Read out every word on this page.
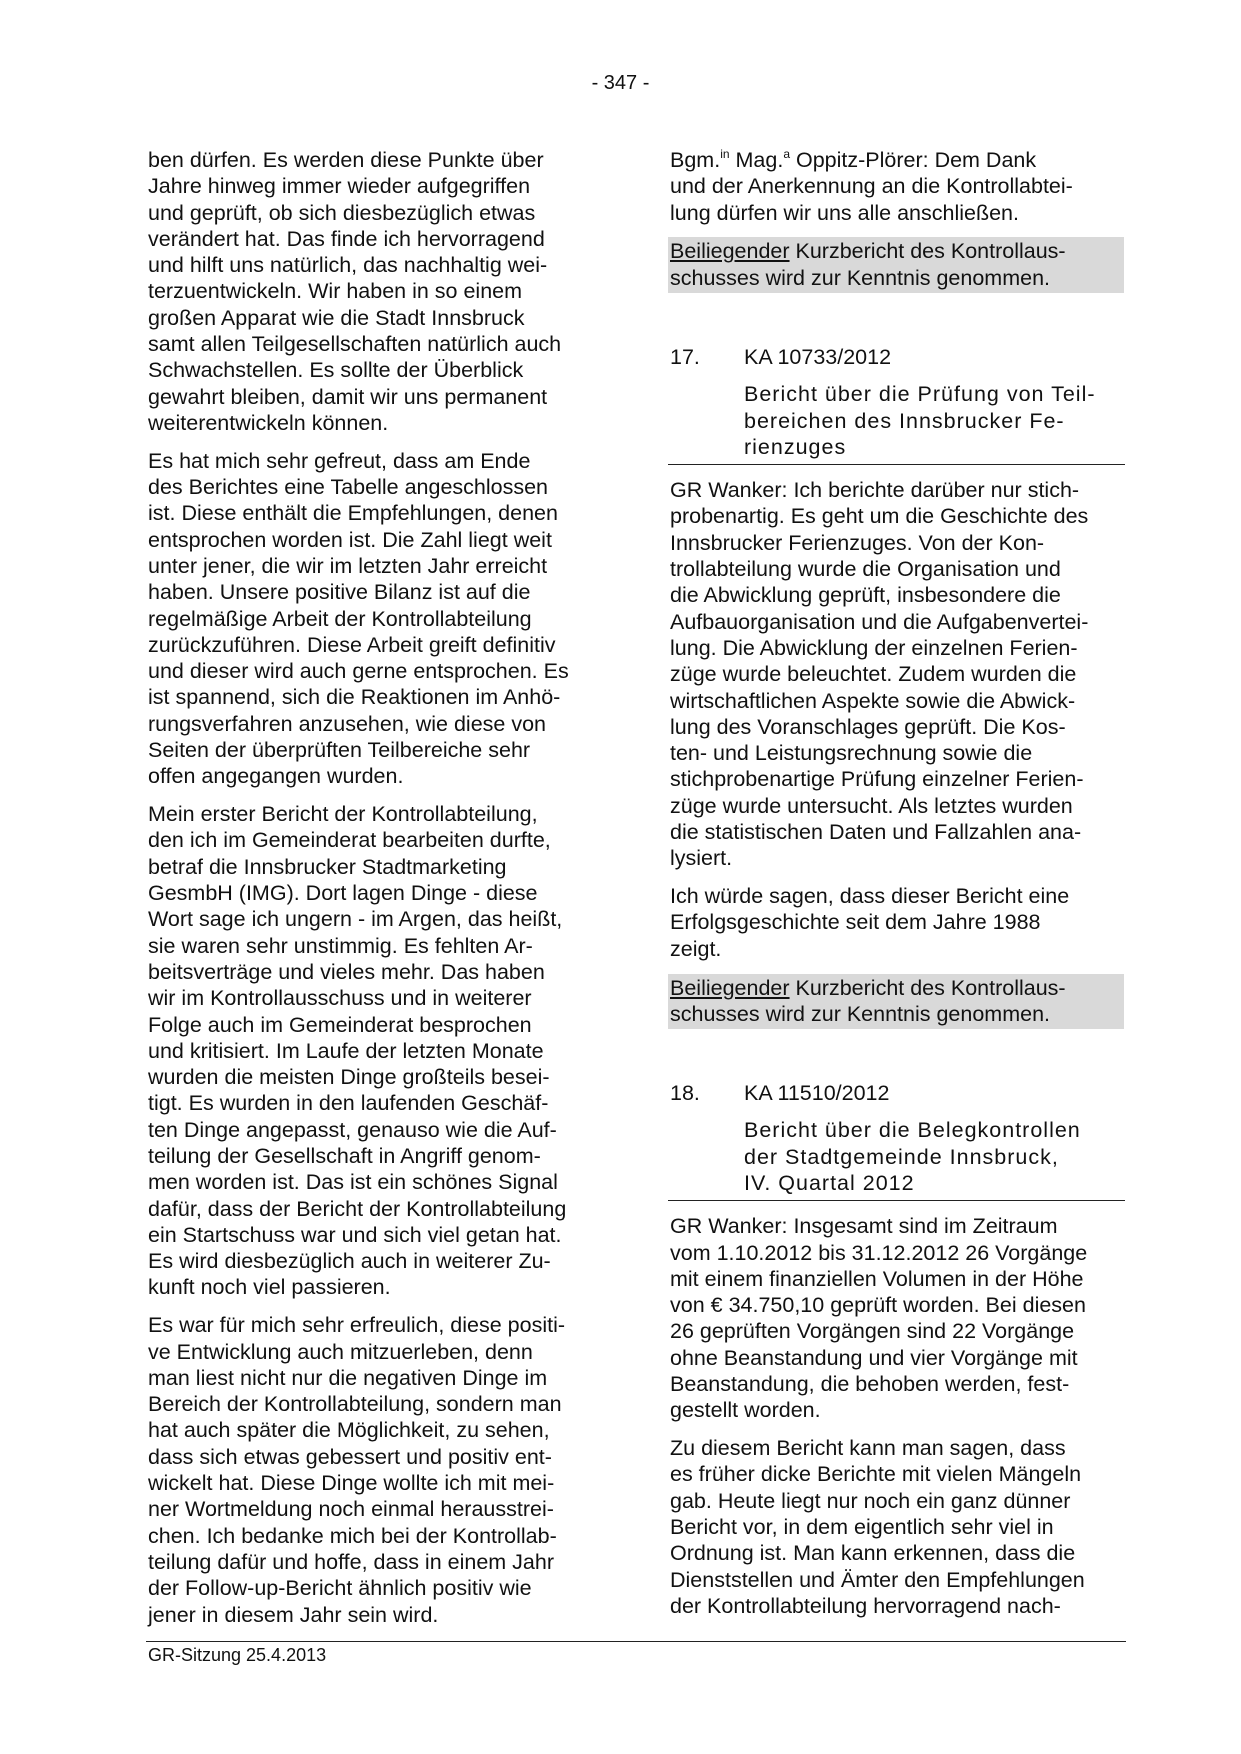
- 347 -
ben dürfen. Es werden diese Punkte über
Jahre hinweg immer wieder aufgegriffen
und geprüft, ob sich diesbezüglich etwas
verändert hat. Das finde ich hervorragend
und hilft uns natürlich, das nachhaltig wei-
terzuentwickeln. Wir haben in so einem
großen Apparat wie die Stadt Innsbruck
samt allen Teilgesellschaften natürlich auch
Schwachstellen. Es sollte der Überblick
gewahrt bleiben, damit wir uns permanent
weiterentwickeln können.
Es hat mich sehr gefreut, dass am Ende
des Berichtes eine Tabelle angeschlossen
ist. Diese enthält die Empfehlungen, denen
entsprochen worden ist. Die Zahl liegt weit
unter jener, die wir im letzten Jahr erreicht
haben. Unsere positive Bilanz ist auf die
regelmäßige Arbeit der Kontrollabteilung
zurückzuführen. Diese Arbeit greift definitiv
und dieser wird auch gerne entsprochen. Es
ist spannend, sich die Reaktionen im Anhö-
rungsverfahren anzusehen, wie diese von
Seiten der überprüften Teilbereiche sehr
offen angegangen wurden.
Mein erster Bericht der Kontrollabteilung,
den ich im Gemeinderat bearbeiten durfte,
betraf die Innsbrucker Stadtmarketing
GesmbH (IMG). Dort lagen Dinge - diese
Wort sage ich ungern - im Argen, das heißt,
sie waren sehr unstimmig. Es fehlten Ar-
beitsverträge und vieles mehr. Das haben
wir im Kontrollausschuss und in weiterer
Folge auch im Gemeinderat besprochen
und kritisiert. Im Laufe der letzten Monate
wurden die meisten Dinge großteils besei-
tigt. Es wurden in den laufenden Geschäf-
ten Dinge angepasst, genauso wie die Auf-
teilung der Gesellschaft in Angriff genom-
men worden ist. Das ist ein schönes Signal
dafür, dass der Bericht der Kontrollabteilung
ein Startschuss war und sich viel getan hat.
Es wird diesbezüglich auch in weiterer Zu-
kunft noch viel passieren.
Es war für mich sehr erfreulich, diese positi-
ve Entwicklung auch mitzuerleben, denn
man liest nicht nur die negativen Dinge im
Bereich der Kontrollabteilung, sondern man
hat auch später die Möglichkeit, zu sehen,
dass sich etwas gebessert und positiv ent-
wickelt hat. Diese Dinge wollte ich mit mei-
ner Wortmeldung noch einmal herausstrei-
chen. Ich bedanke mich bei der Kontrollab-
teilung dafür und hoffe, dass in einem Jahr
der Follow-up-Bericht ähnlich positiv wie
jener in diesem Jahr sein wird.
Bgm.$^{in}$ Mag.$^a$ Oppitz-Plörer: Dem Dank
und der Anerkennung an die Kontrollabtei-
lung dürfen wir uns alle anschließen.
Beiliegender Kurzbericht des Kontrollaus-
schusses wird zur Kenntnis genommen.
17. KA 10733/2012
Bericht über die Prüfung von Teil-
bereichen des Innsbrucker Fe-
rienzuges
GR Wanker: Ich berichte darüber nur stich-
probenartig. Es geht um die Geschichte des
Innsbrucker Ferienzuges. Von der Kon-
trollabteilung wurde die Organisation und
die Abwicklung geprüft, insbesondere die
Aufbauorganisation und die Aufgabenvertei-
lung. Die Abwicklung der einzelnen Ferien-
züge wurde beleuchtet. Zudem wurden die
wirtschaftlichen Aspekte sowie die Abwick-
lung des Voranschlages geprüft. Die Kos-
ten- und Leistungsrechnung sowie die
stichprobenartige Prüfung einzelner Ferien-
züge wurde untersucht. Als letztes wurden
die statistischen Daten und Fallzahlen ana-
lysiert.
Ich würde sagen, dass dieser Bericht eine
Erfolgsgeschichte seit dem Jahre 1988
zeigt.
Beiliegender Kurzbericht des Kontrollaus-
schusses wird zur Kenntnis genommen.
18. KA 11510/2012
Bericht über die Belegkontrollen
der Stadtgemeinde Innsbruck,
IV. Quartal 2012
GR Wanker: Insgesamt sind im Zeitraum
vom 1.10.2012 bis 31.12.2012 26 Vorgänge
mit einem finanziellen Volumen in der Höhe
von € 34.750,10 geprüft worden. Bei diesen
26 geprüften Vorgängen sind 22 Vorgänge
ohne Beanstandung und vier Vorgänge mit
Beanstandung, die behoben werden, fest-
gestellt worden.
Zu diesem Bericht kann man sagen, dass
es früher dicke Berichte mit vielen Mängeln
gab. Heute liegt nur noch ein ganz dünner
Bericht vor, in dem eigentlich sehr viel in
Ordnung ist. Man kann erkennen, dass die
Dienststellen und Ämter den Empfehlungen
der Kontrollabteilung hervorragend nach-
GR-Sitzung 25.4.2013
